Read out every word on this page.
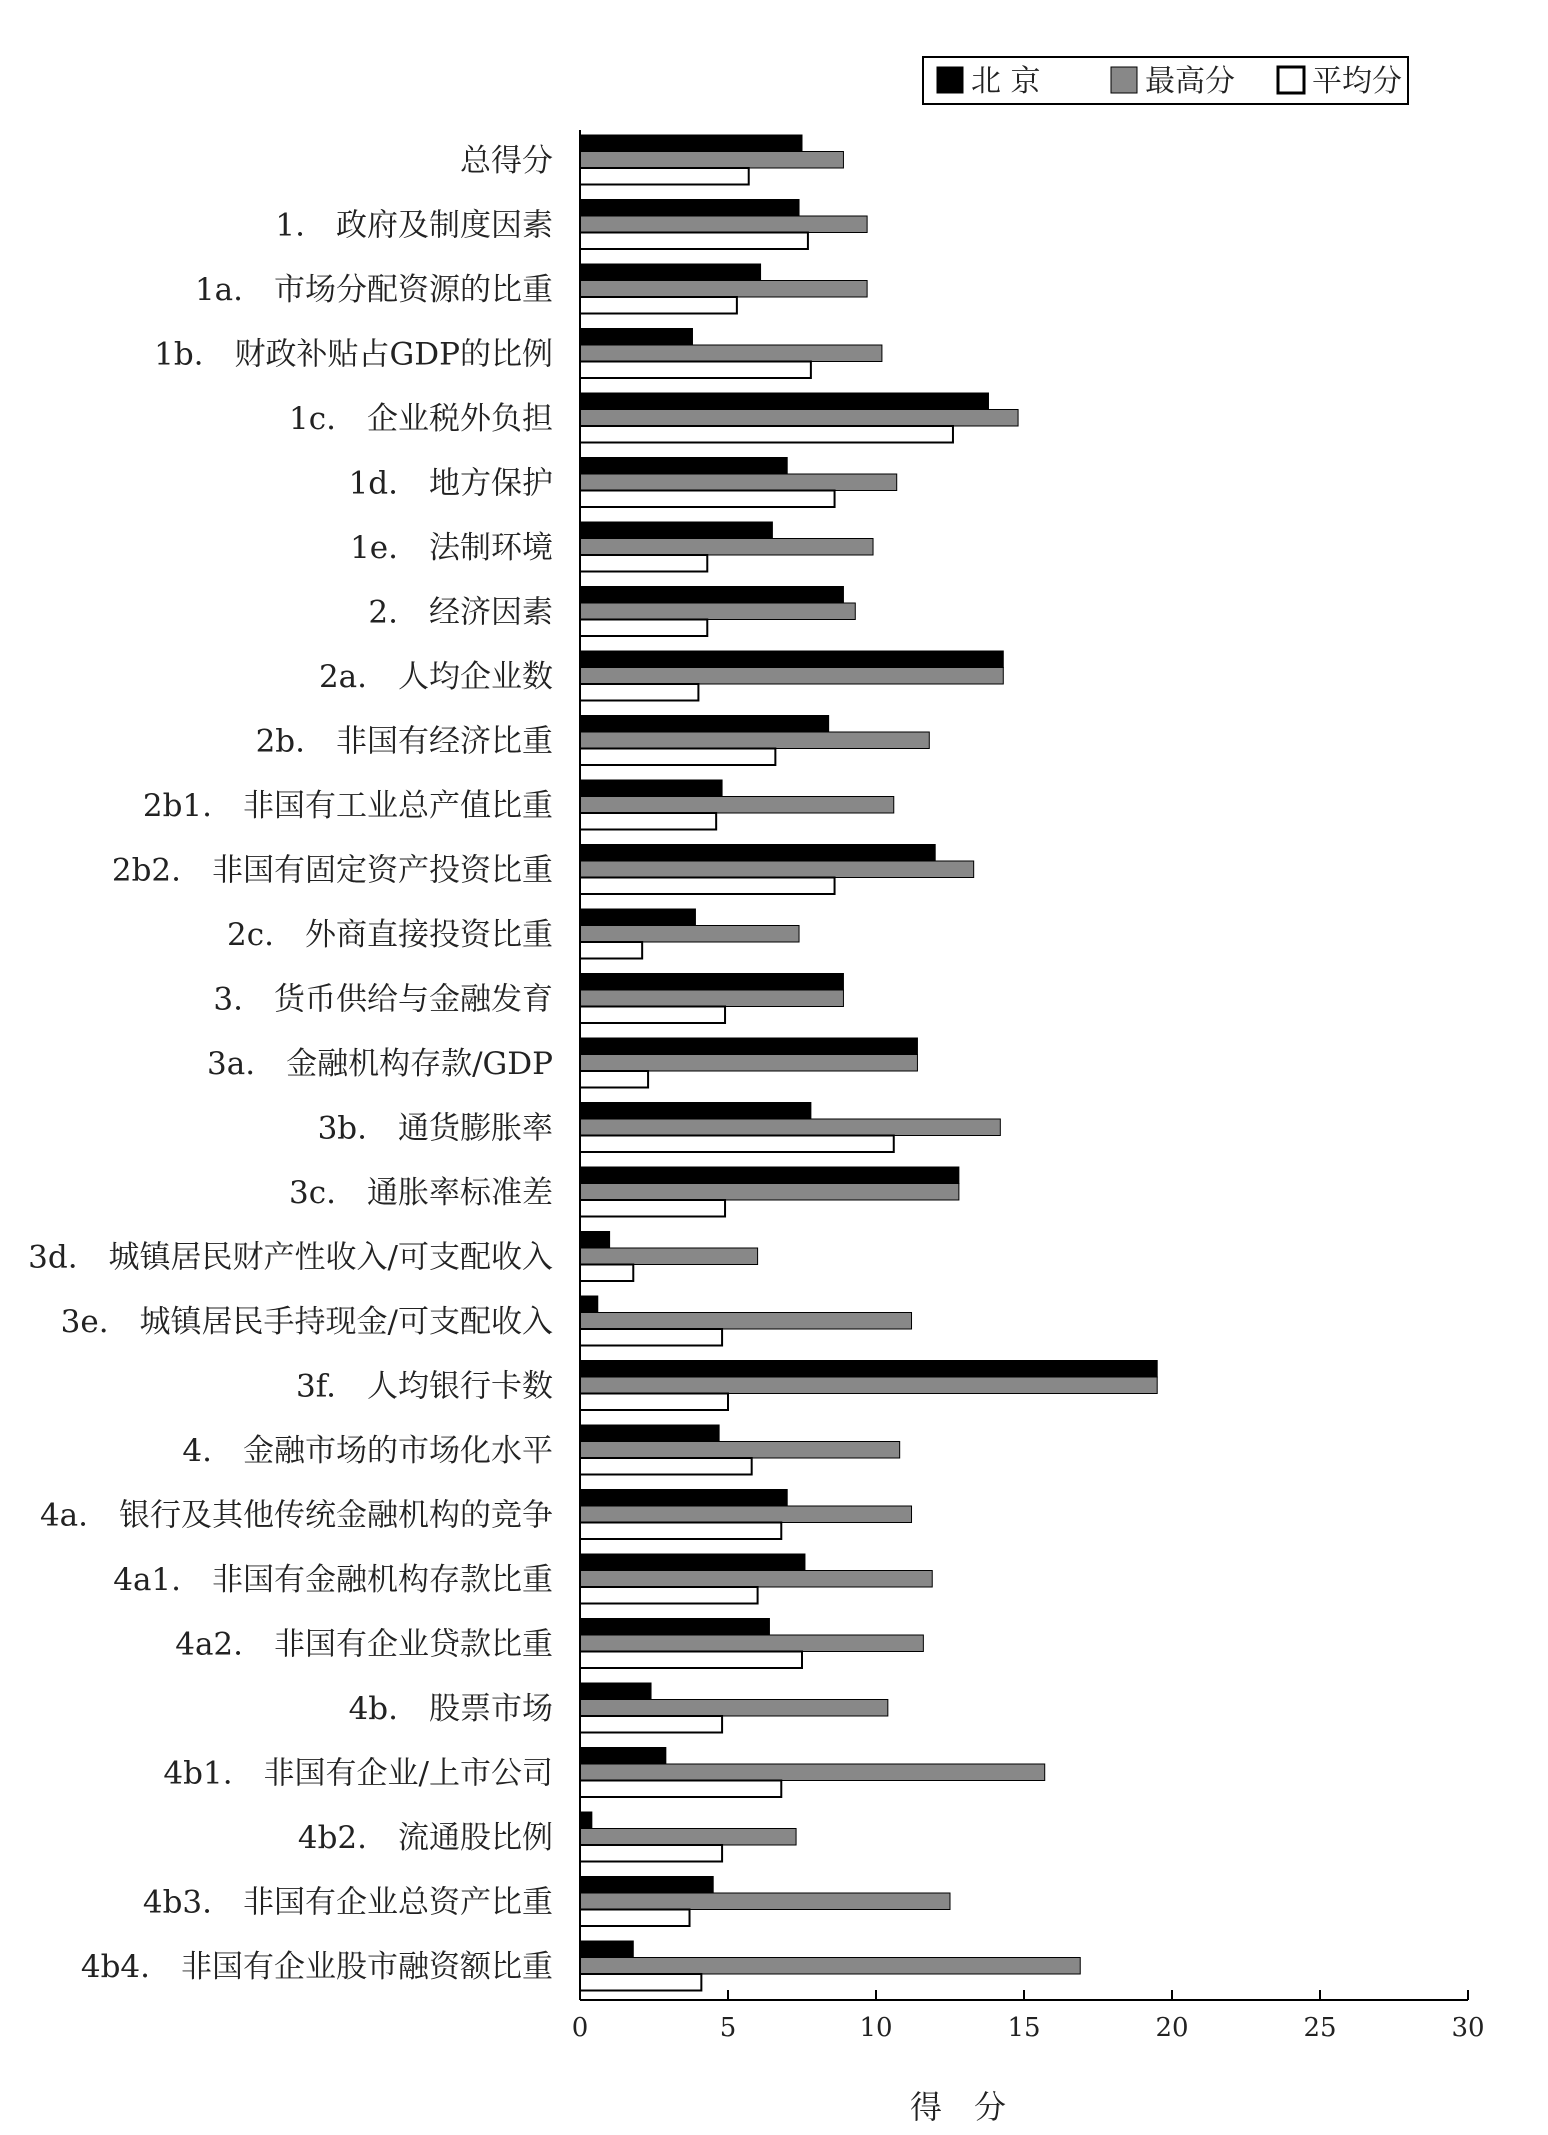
北 京	最高分	平均分
总得分
1.　政府及制度因素
1a.　市场分配资源的比重
1b.　财政补贴占GDP的比例
1c.　企业税外负担
1d.　地方保护
1e.　法制环境
2.　经济因素
2a.　人均企业数
2b.　非国有经济比重
2b1.　非国有工业总产值比重
2b2.　非国有固定资产投资比重
2c.　外商直接投资比重
3.　货币供给与金融发育
3a.　金融机构存款/GDP
3b.　通货膨胀率
3c.　通胀率标准差
3d.　城镇居民财产性收入/可支配收入
3e.　城镇居民手持现金/可支配收入
3f.　人均银行卡数
4.　金融市场的市场化水平
4a.　银行及其他传统金融机构的竞争
4a1.　非国有金融机构存款比重
4a2.　非国有企业贷款比重
4b.　股票市场
4b1.　非国有企业/上市公司
4b2.　流通股比例
4b3.　非国有企业总资产比重
4b4.　非国有企业股市融资额比重
0	5	10	15	20	25	30
得　分
